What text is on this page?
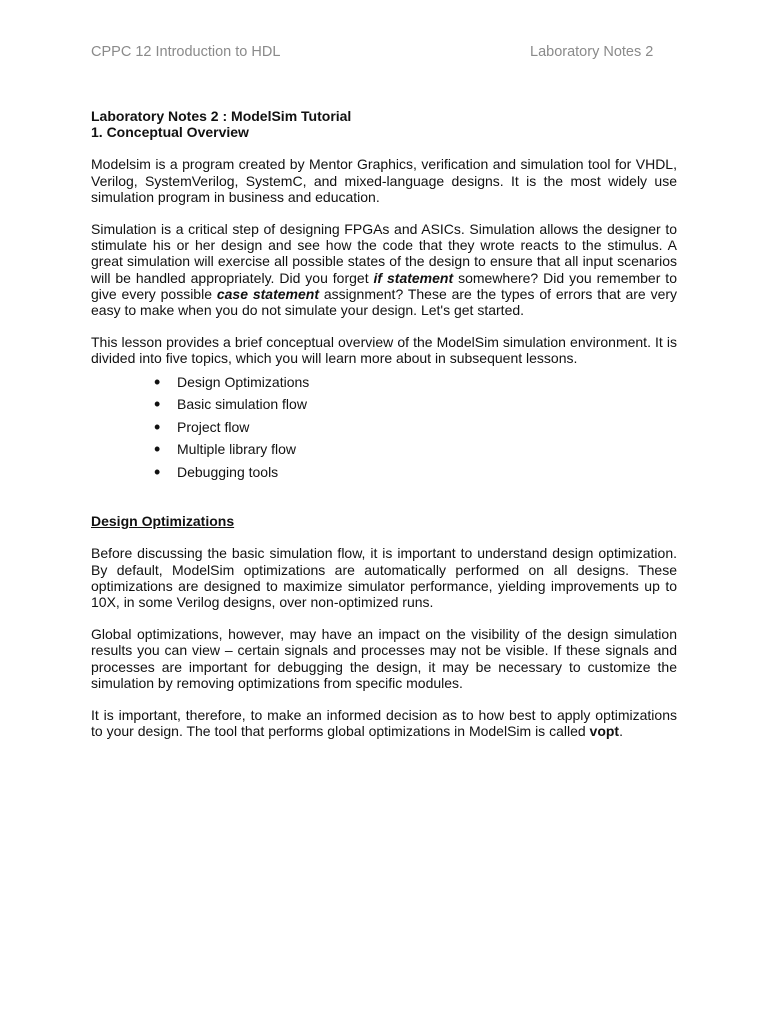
CPPC 12 Introduction to HDL	Laboratory Notes 2

Laboratory Notes 2 : ModelSim Tutorial

1. Conceptual Overview

Modelsim is a program created by Mentor Graphics, verification and simulation tool for VHDL, Verilog, SystemVerilog, SystemC, and mixed-language designs. It is the most widely use simulation program in business and education.

Simulation is a critical step of designing FPGAs and ASICs. Simulation allows the designer to stimulate his or her design and see how the code that they wrote reacts to the stimulus. A great simulation will exercise all possible states of the design to ensure that all input scenarios will be handled appropriately. Did you forget if statement somewhere? Did you remember to give every possible case statement assignment? These are the types of errors that are very easy to make when you do not simulate your design. Let's get started.

This lesson provides a brief conceptual overview of the ModelSim simulation environment. It is divided into five topics, which you will learn more about in subsequent lessons.

• Design Optimizations
• Basic simulation flow
• Project flow
• Multiple library flow
• Debugging tools

Design Optimizations

Before discussing the basic simulation flow, it is important to understand design optimization. By default, ModelSim optimizations are automatically performed on all designs. These optimizations are designed to maximize simulator performance, yielding improvements up to 10X, in some Verilog designs, over non-optimized runs.

Global optimizations, however, may have an impact on the visibility of the design simulation results you can view – certain signals and processes may not be visible. If these signals and processes are important for debugging the design, it may be necessary to customize the simulation by removing optimizations from specific modules.

It is important, therefore, to make an informed decision as to how best to apply optimizations to your design. The tool that performs global optimizations in ModelSim is called vopt.
